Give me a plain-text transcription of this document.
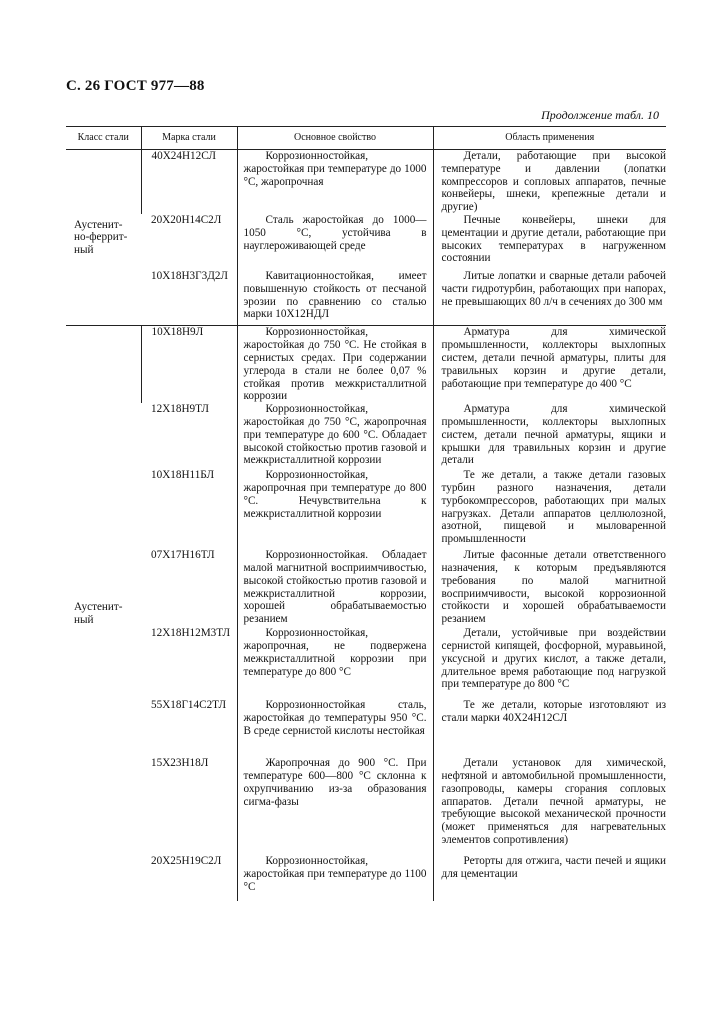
С. 26 ГОСТ 977—88
Продолжение табл. 10
Класс стали	Марка стали	Основное свойство	Область применения
Аустенит-
но-феррит-
ный	40Х24Н12СЛ	Коррозионностойкая, жаростойкая при температуре до 1000 °С, жаропрочная	Детали, работающие при высокой температуре и давлении (лопатки компрессоров и сопловых аппаратов, печные конвейеры, шнеки, крепежные детали и другие)
	20Х20Н14С2Л	Сталь жаростойкая до 1000—1050 °С, устойчива в науглероживающей среде	Печные конвейеры, шнеки для цементации и другие детали, работающие при высоких температурах в нагруженном состоянии
	10Х18Н3Г3Д2Л	Кавитационностойкая, имеет повышенную стойкость от песчаной эрозии по сравнению со сталью марки 10Х12НДЛ	Литые лопатки и сварные детали рабочей части гидротурбин, работающих при напорах, не превышающих 80 л/ч в сечениях до 300 мм
Аустенит-
ный	10Х18Н9Л	Коррозионностойкая, жаростойкая до 750 °С. Не стойкая в сернистых средах. При содержании углерода в стали не более 0,07 % стойкая против межкристаллитной коррозии	Арматура для химической промышленности, коллекторы выхлопных систем, детали печной арматуры, плиты для травильных корзин и другие детали, работающие при температуре до 400 °С
	12Х18Н9ТЛ	Коррозионностойкая, жаростойкая до 750 °С, жаропрочная при температуре до 600 °С. Обладает высокой стойкостью против газовой и межкристаллитной коррозии	Арматура для химической промышленности, коллекторы выхлопных систем, детали печной арматуры, ящики и крышки для травильных корзин и другие детали
	10Х18Н11БЛ	Коррозионностойкая, жаропрочная при температуре до 800 °С. Нечувствительна к межкристаллитной коррозии	Те же детали, а также детали газовых турбин разного назначения, детали турбокомпрессоров, работающих при малых нагрузках. Детали аппаратов целлюлозной, азотной, пищевой и мыловаренной промышленности
	07Х17Н16ТЛ	Коррозионностойкая. Обладает малой магнитной восприимчивостью, высокой стойкостью против газовой и межкристаллитной коррозии, хорошей обрабатываемостью резанием	Литые фасонные детали ответственного назначения, к которым предъявляются требования по малой магнитной восприимчивости, высокой коррозионной стойкости и хорошей обрабатываемости резанием
	12Х18Н12М3ТЛ	Коррозионностойкая, жаропрочная, не подвержена межкристаллитной коррозии при температуре до 800 °С	Детали, устойчивые при воздействии сернистой кипящей, фосфорной, муравьиной, уксусной и других кислот, а также детали, длительное время работающие под нагрузкой при температуре до 800 °С
	55Х18Г14С2ТЛ	Коррозионностойкая сталь, жаростойкая до температуры 950 °С. В среде сернистой кислоты нестойкая	Те же детали, которые изготовляют из стали марки 40Х24Н12СЛ
	15Х23Н18Л	Жаропрочная до 900 °С. При температуре 600—800 °С склонна к охрупчиванию из-за образования сигма-фазы	Детали установок для химической, нефтяной и автомобильной промышленности, газопроводы, камеры сгорания сопловых аппаратов. Детали печной арматуры, не требующие высокой механической прочности (может применяться для нагревательных элементов сопротивления)
	20Х25Н19С2Л	Коррозионностойкая, жаростойкая при температуре до 1100 °С	Реторты для отжига, части печей и ящики для цементации
